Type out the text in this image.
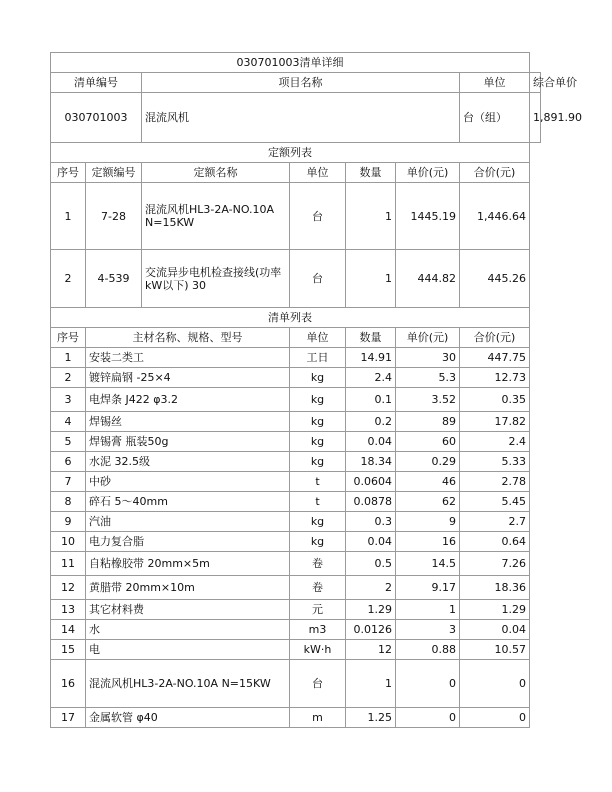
030701003清单详细							
清单编号		项目名称				单位	综合单价
030701003		混流风机				台（组）	1,891.90
定额列表							
序号	定额编号	定额名称	单位	数量	单价(元)	合价(元)	
1	7-28	混流风机HL3-2A-NO.10A N=15KW	台	1	1445.19	1,446.64	
2	4-539	交流异步电机检查接线(功率kW以下) 30	台	1	444.82	445.26	
清单列表							
序号	主材名称、规格、型号		单位	数量	单价(元)	合价(元)	
1	安装二类工		工日	14.91	30	447.75	
2	镀锌扁钢 -25×4		kg	2.4	5.3	12.73	
3	电焊条 J422 φ3.2		kg	0.1	3.52	0.35	
4	焊锡丝		kg	0.2	89	17.82	
5	焊锡膏 瓶装50g		kg	0.04	60	2.4	
6	水泥 32.5级		kg	18.34	0.29	5.33	
7	中砂		t	0.0604	46	2.78	
8	碎石 5～40mm		t	0.0878	62	5.45	
9	汽油		kg	0.3	9	2.7	
10	电力复合脂		kg	0.04	16	0.64	
11	自粘橡胶带 20mm×5m		卷	0.5	14.5	7.26	
12	黄腊带 20mm×10m		卷	2	9.17	18.36	
13	其它材料费		元	1.29	1	1.29	
14	水		m3	0.0126	3	0.04	
15	电		kW·h	12	0.88	10.57	
16	混流风机HL3-2A-NO.10A N=15KW		台	1	0	0	
17	金属软管 φ40		m	1.25	0	0	
